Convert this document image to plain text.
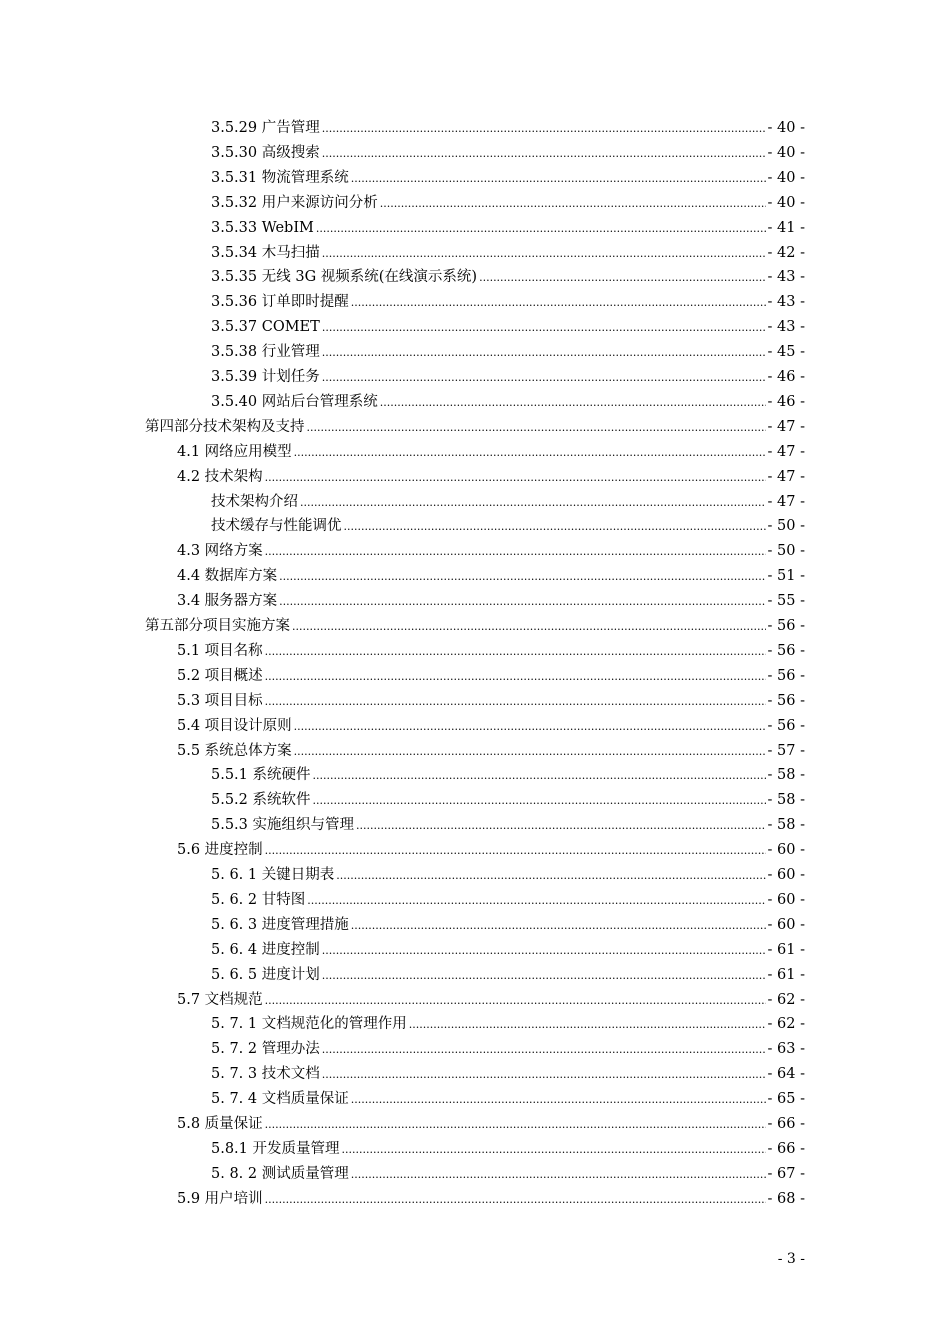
3.5.29 广告管理 .....	- 40 -
3.5.30 高级搜索 .....	- 40 -
3.5.31 物流管理系统 .....	- 40 -
3.5.32 用户来源访问分析 .....	- 40 -
3.5.33 WebIM .....	- 41 -
3.5.34 木马扫描 .....	- 42 -
3.5.35 无线 3G 视频系统(在线演示系统) .....	- 43 -
3.5.36 订单即时提醒 .....	- 43 -
3.5.37 COMET .....	- 43 -
3.5.38 行业管理 .....	- 45 -
3.5.39 计划任务 .....	- 46 -
3.5.40 网站后台管理系统 .....	- 46 -
第四部分技术架构及支持 .....	- 47 -
4.1 网络应用模型 .....	- 47 -
4.2 技术架构 .....	- 47 -
技术架构介绍 .....	- 47 -
技术缓存与性能调优 .....	- 50 -
4.3 网络方案 .....	- 50 -
4.4 数据库方案 .....	- 51 -
3.4 服务器方案 .....	- 55 -
第五部分项目实施方案 .....	- 56 -
5.1 项目名称 .....	- 56 -
5.2 项目概述 .....	- 56 -
5.3 项目目标 .....	- 56 -
5.4 项目设计原则 .....	- 56 -
5.5 系统总体方案 .....	- 57 -
5.5.1 系统硬件 .....	- 58 -
5.5.2 系统软件 .....	- 58 -
5.5.3 实施组织与管理 .....	- 58 -
5.6 进度控制 .....	- 60 -
5. 6. 1 关键日期表 .....	- 60 -
5. 6. 2 甘特图 .....	- 60 -
5. 6. 3 进度管理措施 .....	- 60 -
5. 6. 4 进度控制 .....	- 61 -
5. 6. 5 进度计划 .....	- 61 -
5.7 文档规范 .....	- 62 -
5. 7. 1 文档规范化的管理作用 .....	- 62 -
5. 7. 2 管理办法 .....	- 63 -
5. 7. 3 技术文档 .....	- 64 -
5. 7. 4 文档质量保证 .....	- 65 -
5.8 质量保证 .....	- 66 -
5.8.1 开发质量管理 .....	- 66 -
5. 8. 2 测试质量管理 .....	- 67 -
5.9 用户培训 .....	- 68 -
- 3 -
